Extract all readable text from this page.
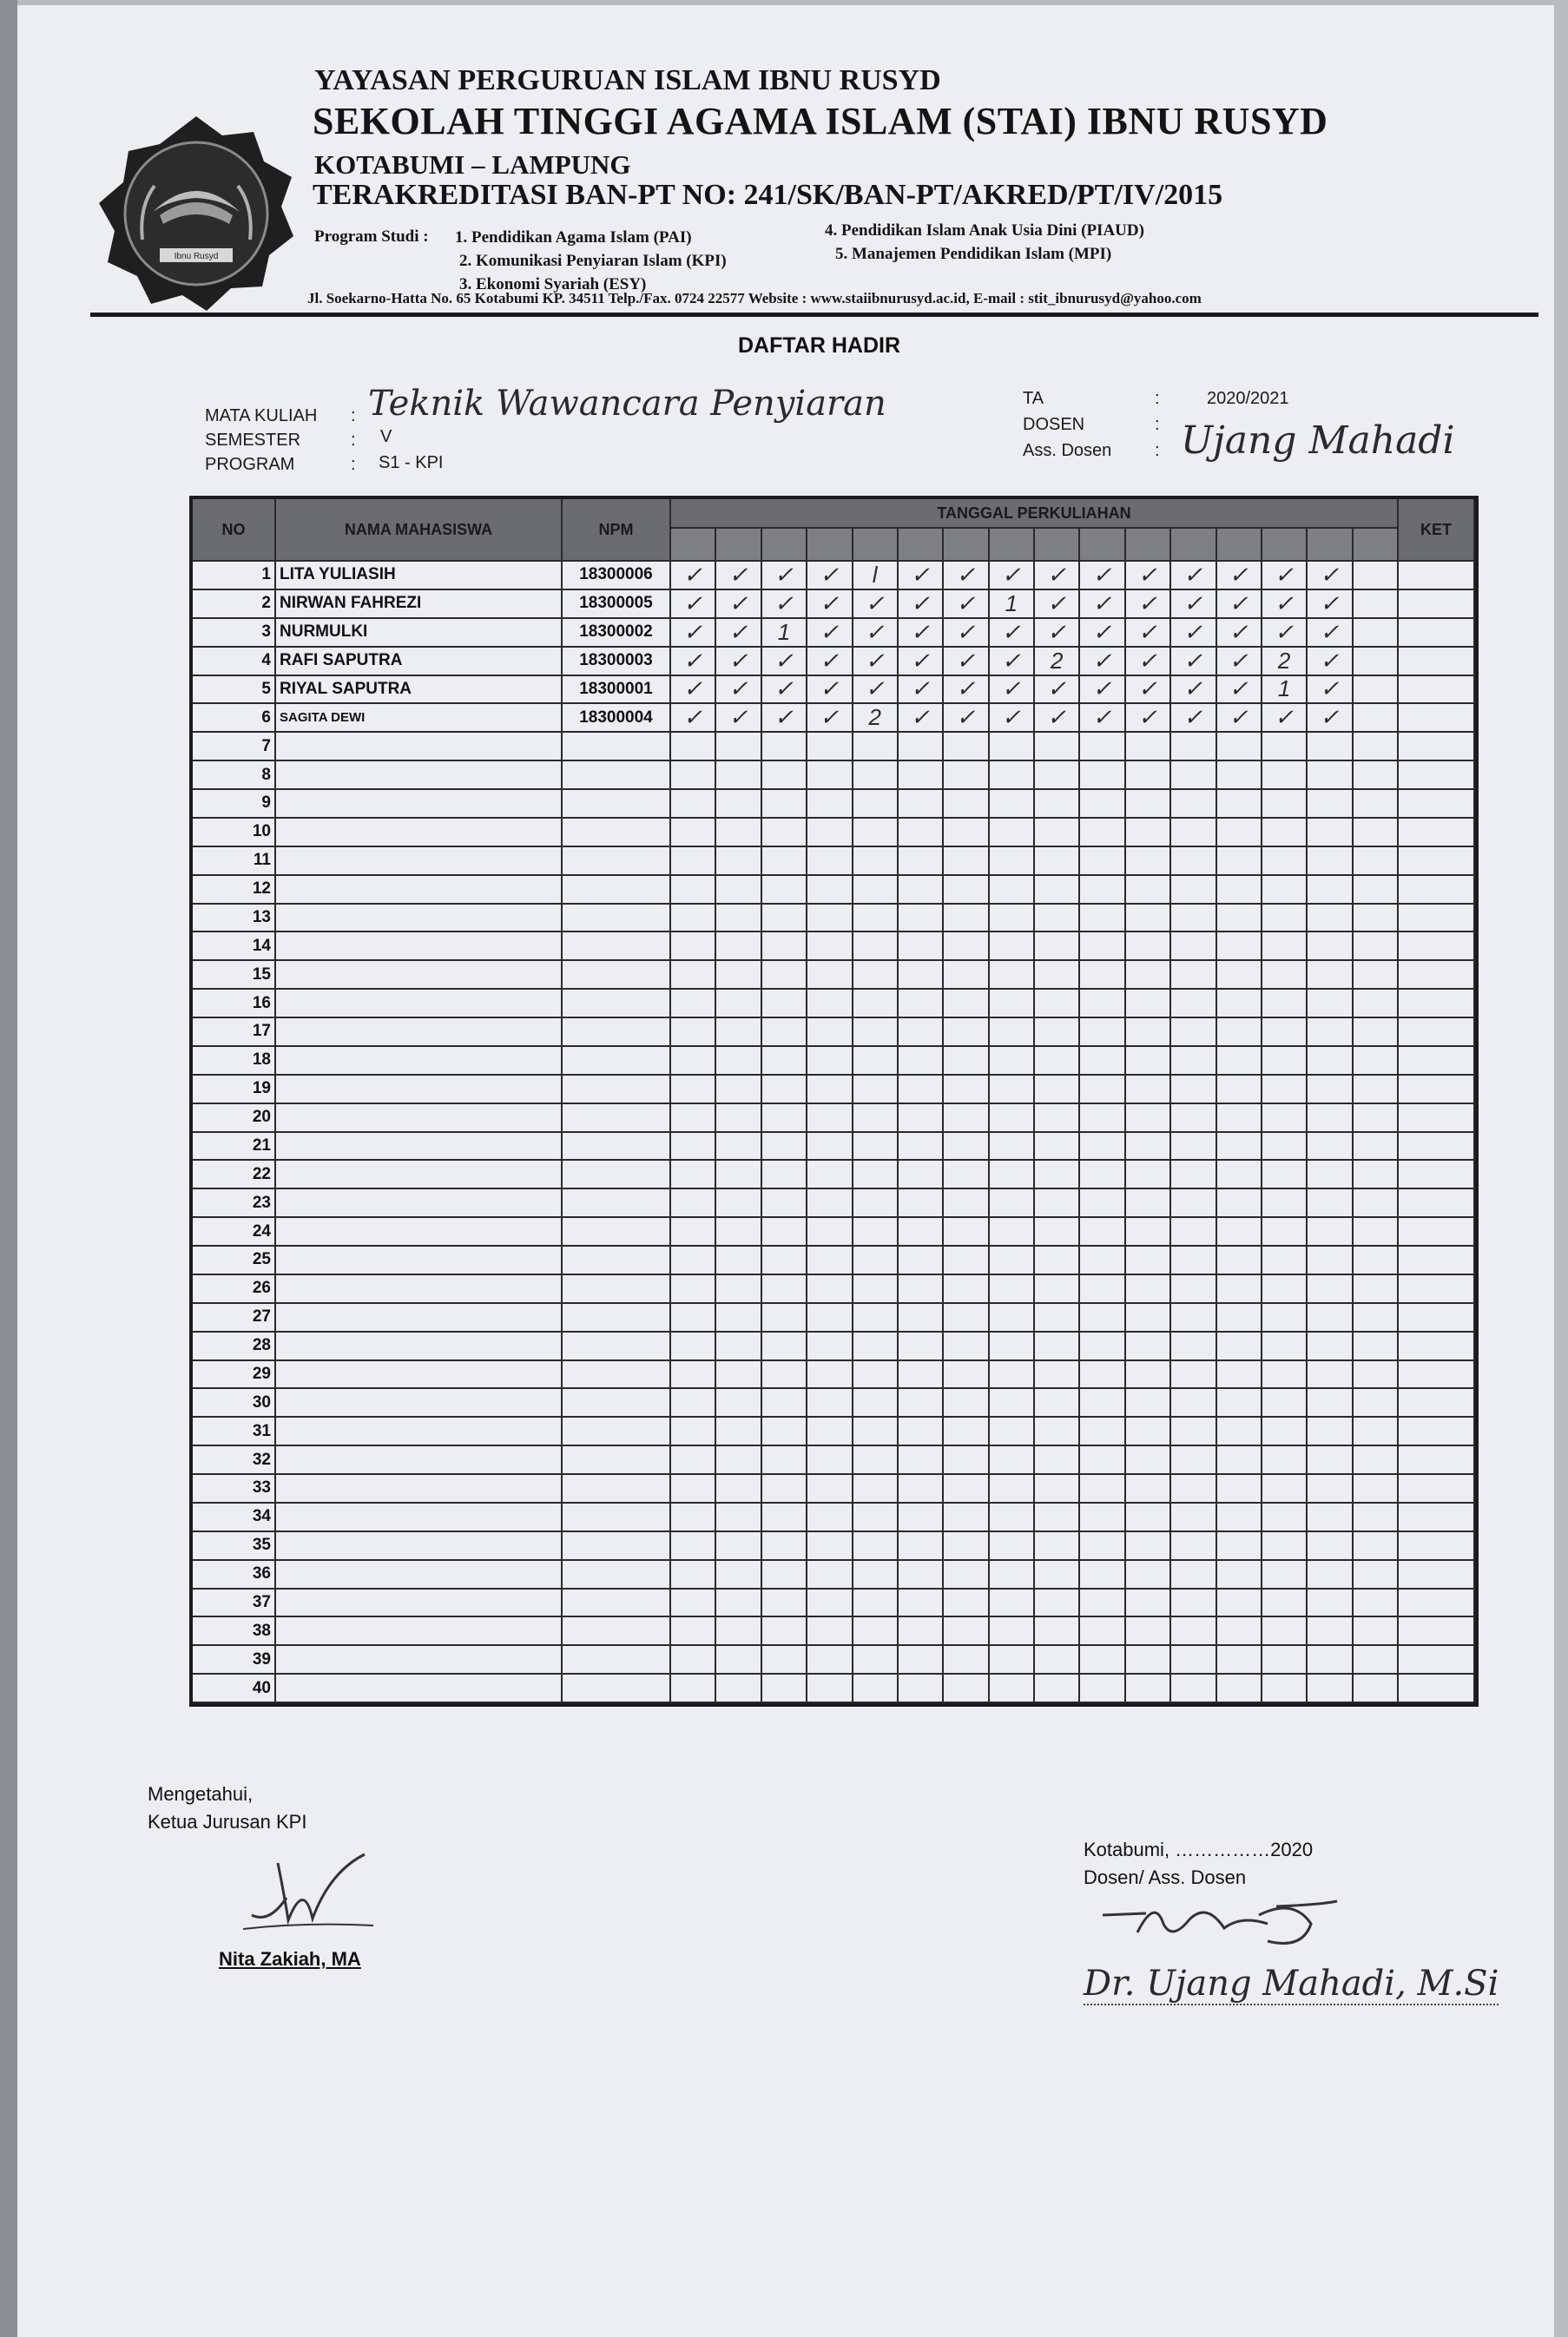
Ibnu Rusyd
YAYASAN PERGURUAN ISLAM IBNU RUSYD
SEKOLAH TINGGI AGAMA ISLAM (STAI) IBNU RUSYD
KOTABUMI – LAMPUNG
TERAKREDITASI BAN-PT NO: 241/SK/BAN-PT/AKRED/PT/IV/2015
Program Studi : 1. Pendidikan Agama Islam (PAI)
2. Komunikasi Penyiaran Islam (KPI)
3. Ekonomi Syariah (ESY)
4. Pendidikan Islam Anak Usia Dini (PIAUD)
5. Manajemen Pendidikan Islam (MPI)
Jl. Soekarno-Hatta No. 65 Kotabumi KP. 34511 Telp./Fax. 0724 22577 Website : www.staiibnurusyd.ac.id, E-mail : stit_ibnurusyd@yahoo.com
DAFTAR HADIR
MATA KULIAH : Teknik Wawancara Penyiaran
SEMESTER	: V
PROGRAM	: S1 - KPI
TA	:	2020/2021
DOSEN	:
Ass. Dosen : Ujang Mahadi
NO	NAMA MAHASISWA	NPM
TANGGAL PERKULIAHAN
KET
1 LITA YULIASIH	18300006	✓	✓	✓	✓	l	✓	✓	✓	✓	✓	✓	✓	✓	✓	✓
2 NIRWAN FAHREZI	18300005	✓	✓	✓	✓	✓	✓	✓	1	✓	✓	✓	✓	✓	✓	✓
3 NURMULKI	18300002	✓	✓	1	✓	✓	✓	✓	✓	✓	✓	✓	✓	✓	✓	✓
4 RAFI SAPUTRA	18300003	✓	✓	✓	✓	✓	✓	✓	✓	2	✓	✓	✓	✓	2	✓
5 RIYAL SAPUTRA	18300001	✓	✓	✓	✓	✓	✓	✓	✓	✓	✓	✓	✓	✓	1	✓
6 SAGITA DEWI	18300004	✓	✓	✓	✓	2	✓	✓	✓	✓	✓	✓	✓	✓	✓	✓
7
8
9
10
11
12
13
14
15
16
17
18
19
20
21
22
23
24
25
26
27
28
29
30
31
32
33
34
35
36
37
38
39
40
Mengetahui,
Ketua Jurusan KPI
Nita Zakiah, MA
Kotabumi, ……………2020
Dosen/ Ass. Dosen
Dr. Ujang Mahadi, M.Si
